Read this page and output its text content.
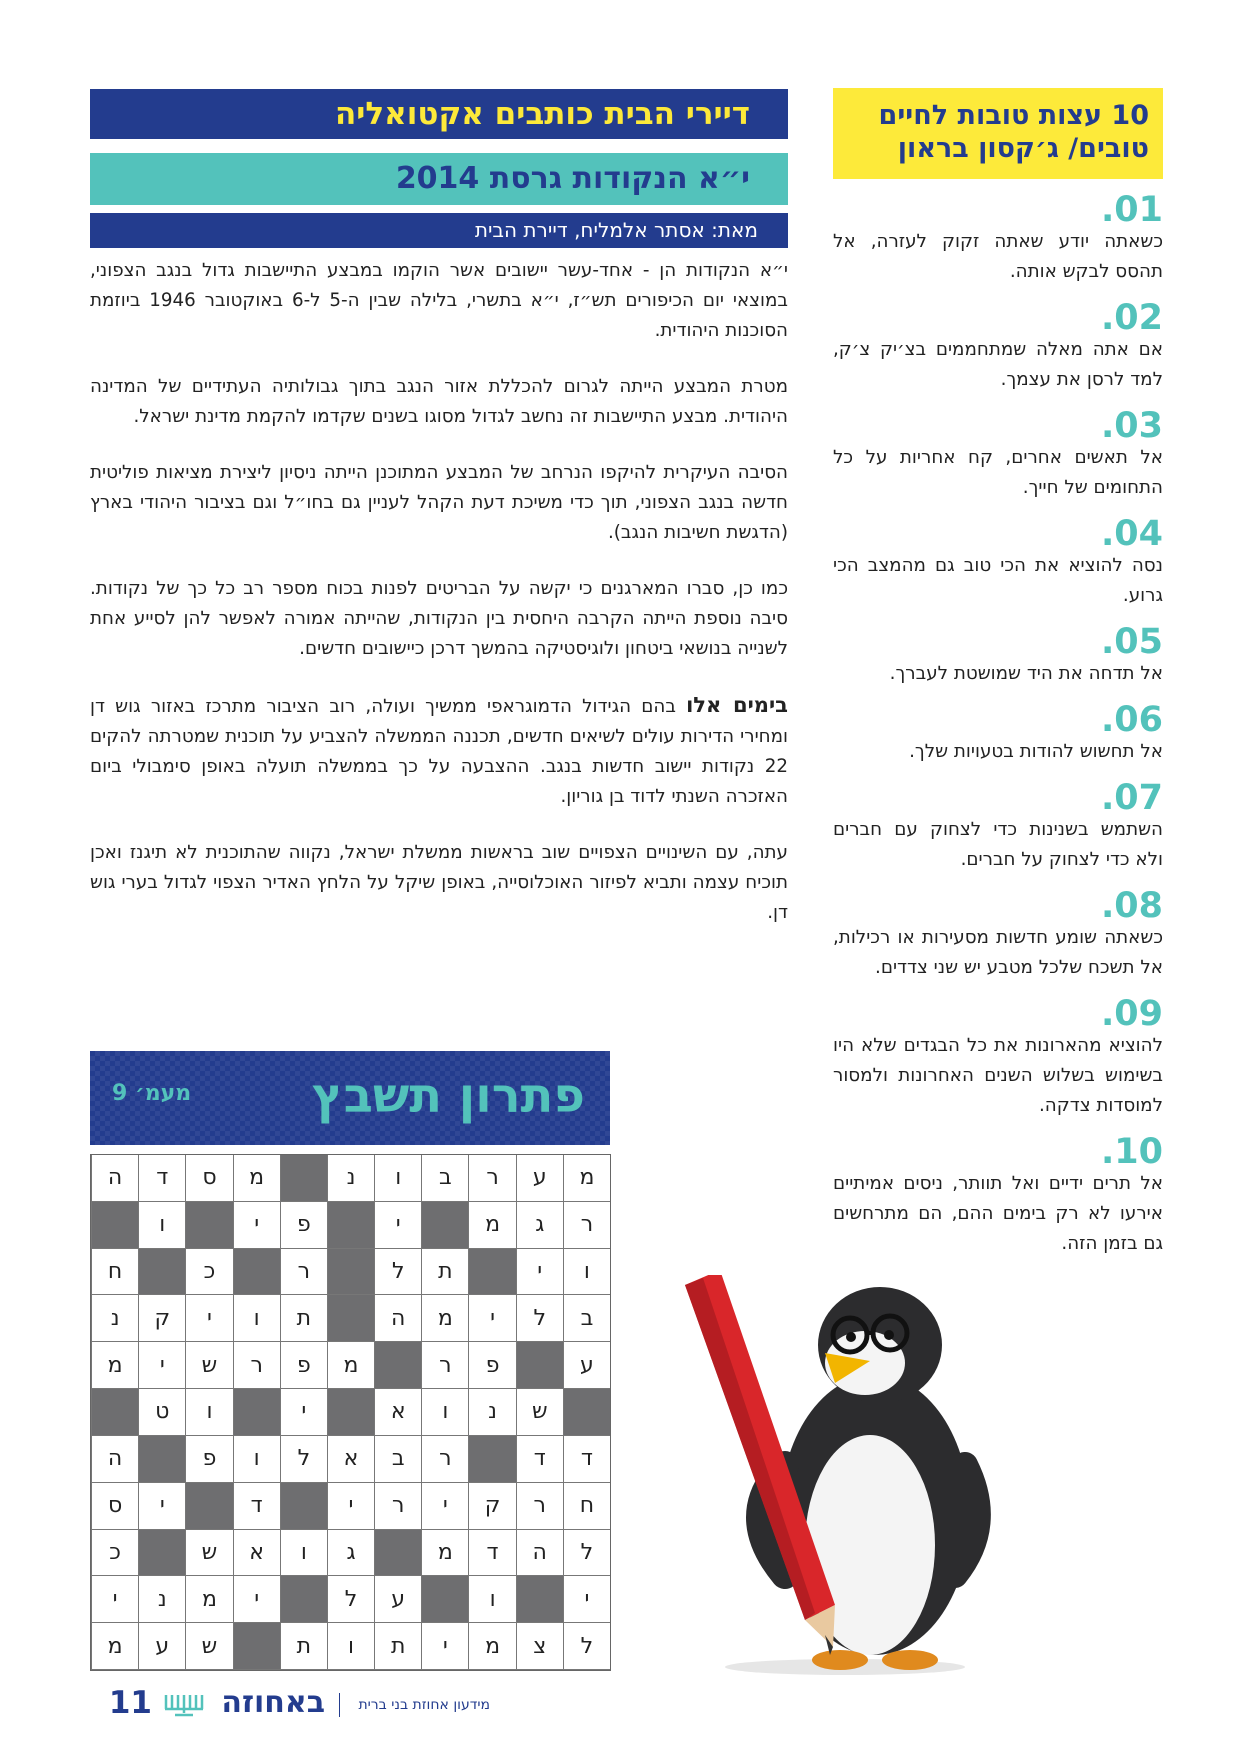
דיירי הבית כותבים אקטואליה
י״א הנקודות גרסת 2014
מאת: אסתר אלמליח, דיירת הבית

י״א הנקודות הן - אחד-עשר יישובים אשר הוקמו במבצע התיישבות גדול בנגב הצפוני, במוצאי יום הכיפורים תש״ז, י״א בתשרי, בלילה שבין ה-5 ל-6 באוקטובר 1946 ביוזמת הסוכנות היהודית.

מטרת המבצע הייתה לגרום להכללת אזור הנגב בתוך גבולותיה העתידיים של המדינה היהודית. מבצע התיישבות זה נחשב לגדול מסוגו בשנים שקדמו להקמת מדינת ישראל.

הסיבה העיקרית להיקפו הנרחב של המבצע המתוכנן הייתה ניסיון ליצירת מציאות פוליטית חדשה בנגב הצפוני, תוך כדי משיכת דעת הקהל לעניין גם בחו״ל וגם בציבור היהודי בארץ (הדגשת חשיבות הנגב).

כמו כן, סברו המארגנים כי יקשה על הבריטים לפנות בכוח מספר רב כל כך של נקודות. סיבה נוספת הייתה הקרבה היחסית בין הנקודות, שהייתה אמורה לאפשר להן לסייע אחת לשנייה בנושאי ביטחון ולוגיסטיקה בהמשך דרכן כיישובים חדשים.

בימים אלו בהם הגידול הדמוגראפי ממשיך ועולה, רוב הציבור מתרכז באזור גוש דן ומחירי הדירות עולים לשיאים חדשים, תכננה הממשלה להצביע על תוכנית שמטרתה להקים 22 נקודות יישוב חדשות בנגב. ההצבעה על כך בממשלה תועלה באופן סימבולי ביום האזכרה השנתי לדוד בן גוריון.

עתה, עם השינויים הצפויים שוב בראשות ממשלת ישראל, נקווה שהתוכנית לא תיגנז ואכן תוכיח עצמה ותביא לפיזור האוכלוסייה, באופן שיקל על הלחץ האדיר הצפוי לגדול בערי גוש דן.

10 עצות טובות לחיים טובים/ ג׳קסון בראון
.01
כשאתה יודע שאתה זקוק לעזרה, אל תהסס לבקש אותה.
.02
אם אתה מאלה שמתחממים בצ׳יק צ׳ק, למד לרסן את עצמך.
.03
אל תאשים אחרים, קח אחריות על כל התחומים של חייך.
.04
נסה להוציא את הכי טוב גם מהמצב הכי גרוע.
.05
אל תדחה את היד שמושטת לעברך.
.06
אל תחשוש להודות בטעויות שלך.
.07
השתמש בשנינות כדי לצחוק עם חברים ולא כדי לצחוק על חברים.
.08
כשאתה שומע חדשות מסעירות או רכילות, אל תשכח שלכל מטבע יש שני צדדים.
.09
להוציא מהארונות את כל הבגדים שלא היו בשימוש בשלוש השנים האחרונות ולמסור למוסדות צדקה.
.10
אל תרים ידיים ואל תוותר, ניסים אמיתיים אירעו לא רק בימים ההם, הם מתרחשים גם בזמן הזה.
פתרון תשבץ
מעמ׳ 9
מ
ע
ר
ב
ו
נ
מ
ס
ד
ה
ר
ג
מ
י
פ
י
ו
ו
י
ת
ל
ר
כ
ח
ב
ל
י
מ
ה
ת
ו
י
ק
נ
ע
פ
ר
מ
פ
ר
ש
י
מ
ש
נ
ו
א
י
ו
ט
ד
ד
ר
ב
א
ל
ו
פ
ה
ח
ר
ק
י
ר
י
ד
י
ס
ל
ה
ד
מ
ג
ו
א
ש
כ
י
ו
ע
ל
י
מ
נ
י
ל
צ
מ
י
ת
ו
ת
ש
ע
מ
מידעון אחוזת בני ברית
באחוזה
11
